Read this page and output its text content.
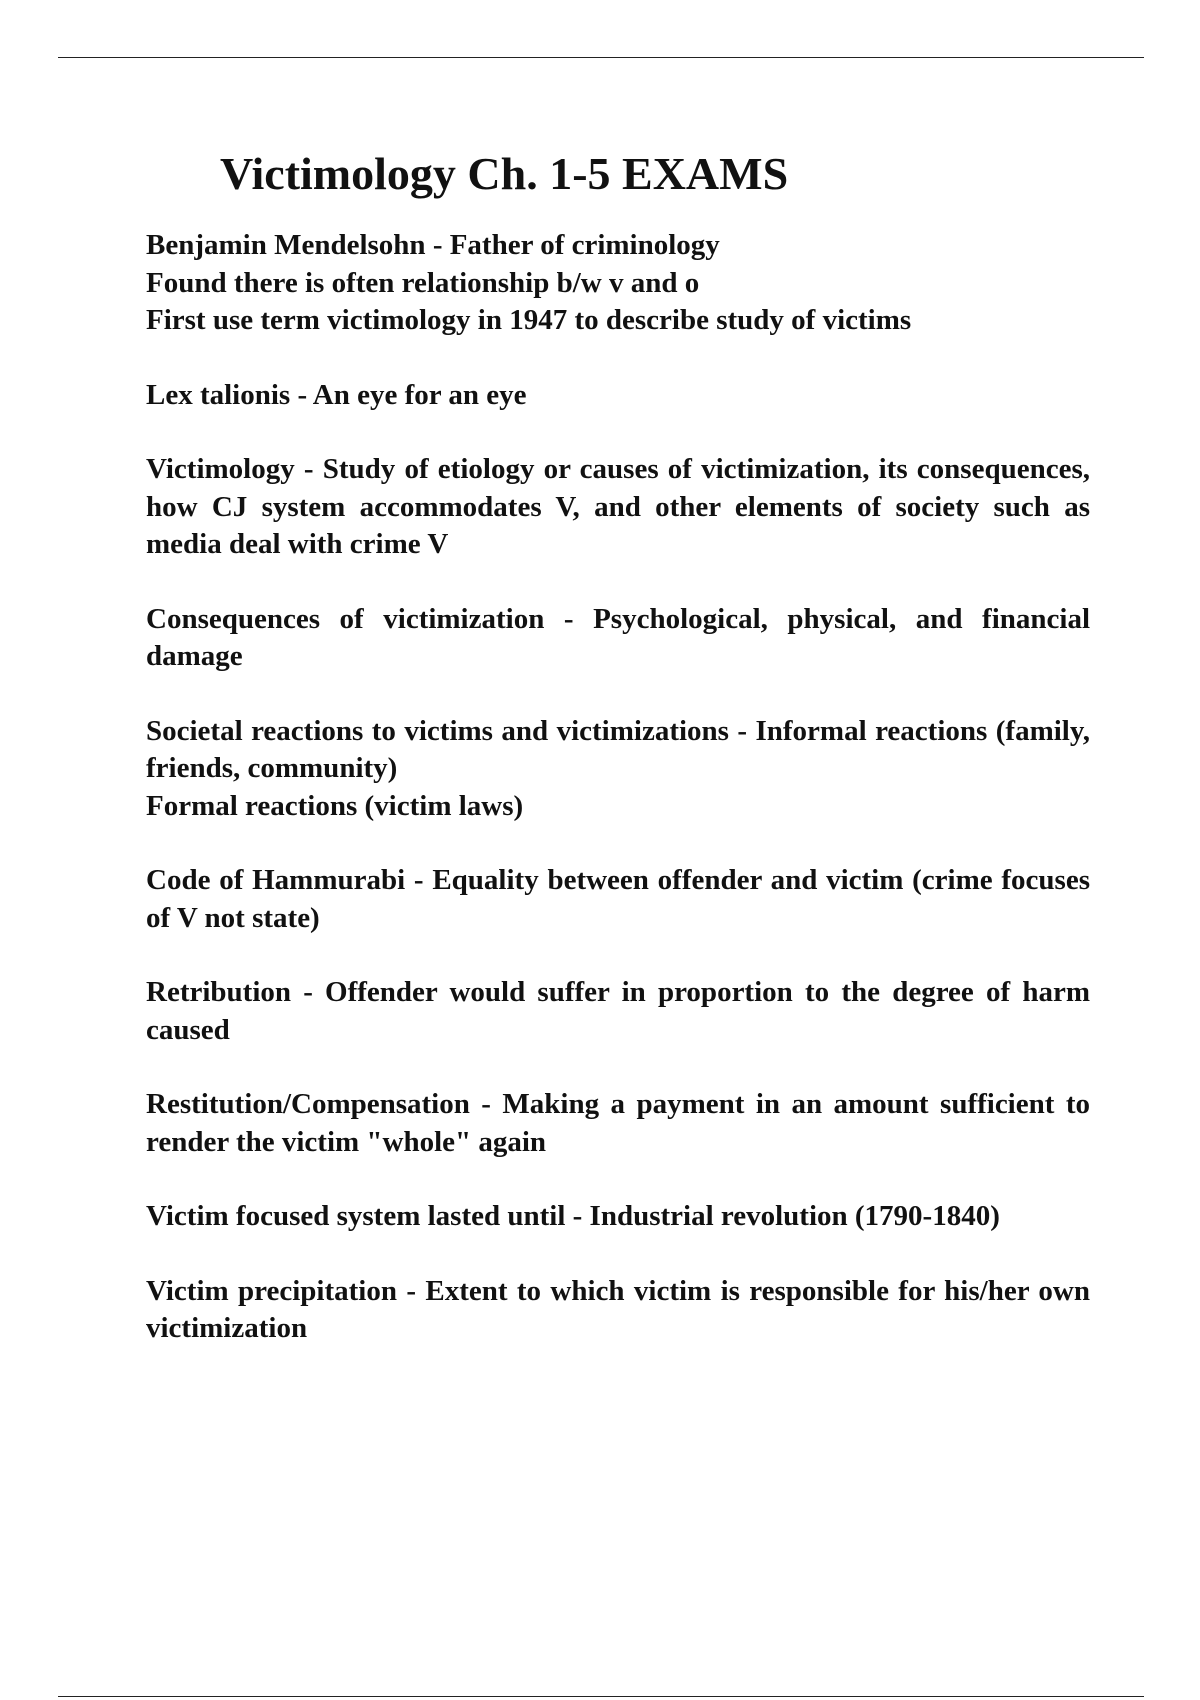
Victimology Ch. 1-5 EXAMS
Benjamin Mendelsohn - Father of criminology
Found there is often relationship b/w v and o
First use term victimology in 1947 to describe study of victims
Lex talionis - An eye for an eye
Victimology - Study of etiology or causes of victimization, its consequences, how CJ system accommodates V, and other elements of society such as media deal with crime V
Consequences of victimization - Psychological, physical, and financial damage
Societal reactions to victims and victimizations - Informal reactions (family, friends, community)
Formal reactions (victim laws)
Code of Hammurabi - Equality between offender and victim (crime focuses of V not state)
Retribution - Offender would suffer in proportion to the degree of harm caused
Restitution/Compensation - Making a payment in an amount sufficient to render the victim "whole" again
Victim focused system lasted until - Industrial revolution (1790-1840)
Victim precipitation - Extent to which victim is responsible for his/her own victimization
